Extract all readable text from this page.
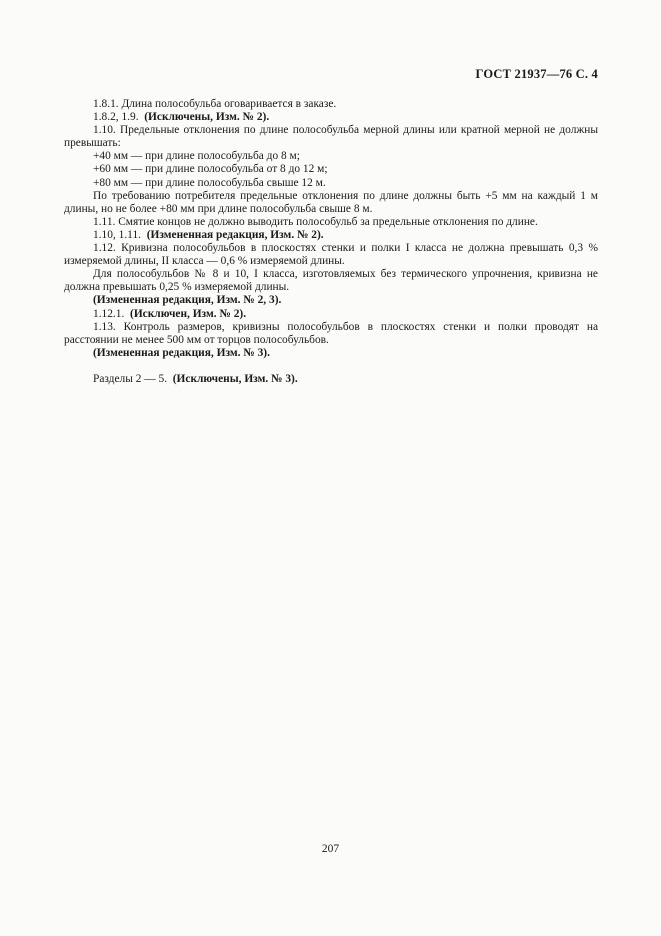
ГОСТ 21937—76 С. 4

1.8.1. Длина полособульба оговаривается в заказе.

1.8.2, 1.9. (Исключены, Изм. № 2).

1.10. Предельные отклонения по длине полособульба мерной длины или кратной мерной не должны превышать:

+40 мм — при длине полособульба до 8 м;

+60 мм — при длине полособульба от 8 до 12 м;

+80 мм — при длине полособульба свыше 12 м.

По требованию потребителя предельные отклонения по длине должны быть +5 мм на каждый 1 м длины, но не более +80 мм при длине полособульба свыше 8 м.

1.11. Смятие концов не должно выводить полособульб за предельные отклонения по длине.

1.10, 1.11. (Измененная редакция, Изм. № 2).

1.12. Кривизна полособульбов в плоскостях стенки и полки I класса не должна превышать 0,3 % измеряемой длины, II класса — 0,6 % измеряемой длины.

Для полособульбов № 8 и 10, I класса, изготовляемых без термического упрочнения, кривизна не должна превышать 0,25 % измеряемой длины.

(Измененная редакция, Изм. № 2, 3).

1.12.1. (Исключен, Изм. № 2).

1.13. Контроль размеров, кривизны полособульбов в плоскостях стенки и полки проводят на расстоянии не менее 500 мм от торцов полособульбов.

(Измененная редакция, Изм. № 3).

Разделы 2 — 5. (Исключены, Изм. № 3).

207
